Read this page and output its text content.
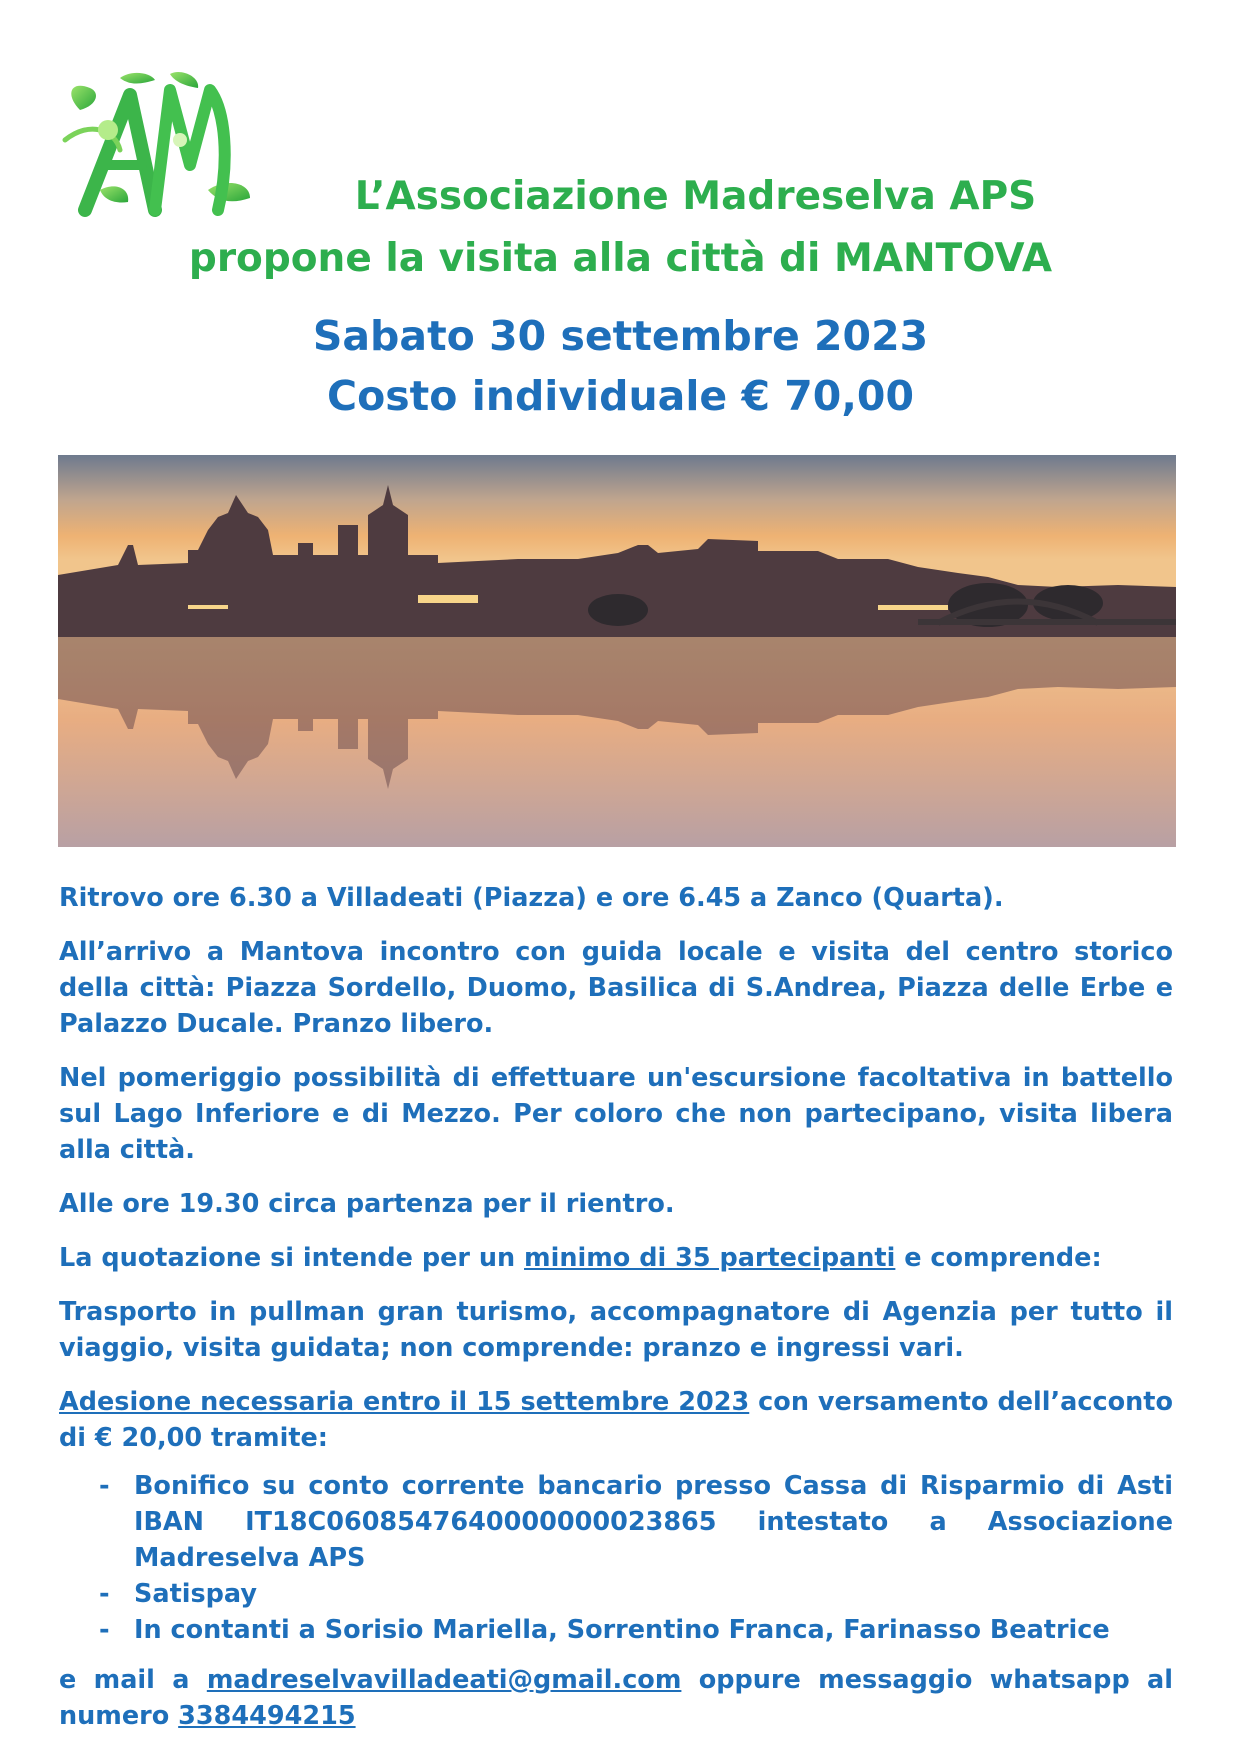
L’Associazione Madreselva APS
propone la visita alla città di MANTOVA
Sabato 30 settembre 2023
Costo individuale € 70,00

Ritrovo ore 6.30 a Villadeati (Piazza) e ore 6.45 a Zanco (Quarta).

All’arrivo a Mantova incontro con guida locale e visita del centro storico della città: Piazza Sordello, Duomo, Basilica di S.Andrea, Piazza delle Erbe e Palazzo Ducale. Pranzo libero.

Nel pomeriggio possibilità di effettuare un'escursione facoltativa in battello sul Lago Inferiore e di Mezzo. Per coloro che non partecipano, visita libera alla città.

Alle ore 19.30 circa partenza per il rientro.

La quotazione si intende per un minimo di 35 partecipanti e comprende:

Trasporto in pullman gran turismo, accompagnatore di Agenzia per tutto il viaggio, visita guidata; non comprende: pranzo e ingressi vari.

Adesione necessaria entro il 15 settembre 2023 con versamento dell’acconto di € 20,00 tramite:

- Bonifico su conto corrente bancario presso Cassa di Risparmio di Asti IBAN IT18C0608547640000000023865 intestato a Associazione Madreselva APS
- Satispay
- In contanti a Sorisio Mariella, Sorrentino Franca, Farinasso Beatrice

e mail a madreselvavilladeati@gmail.com oppure messaggio whatsapp al numero 3384494215
